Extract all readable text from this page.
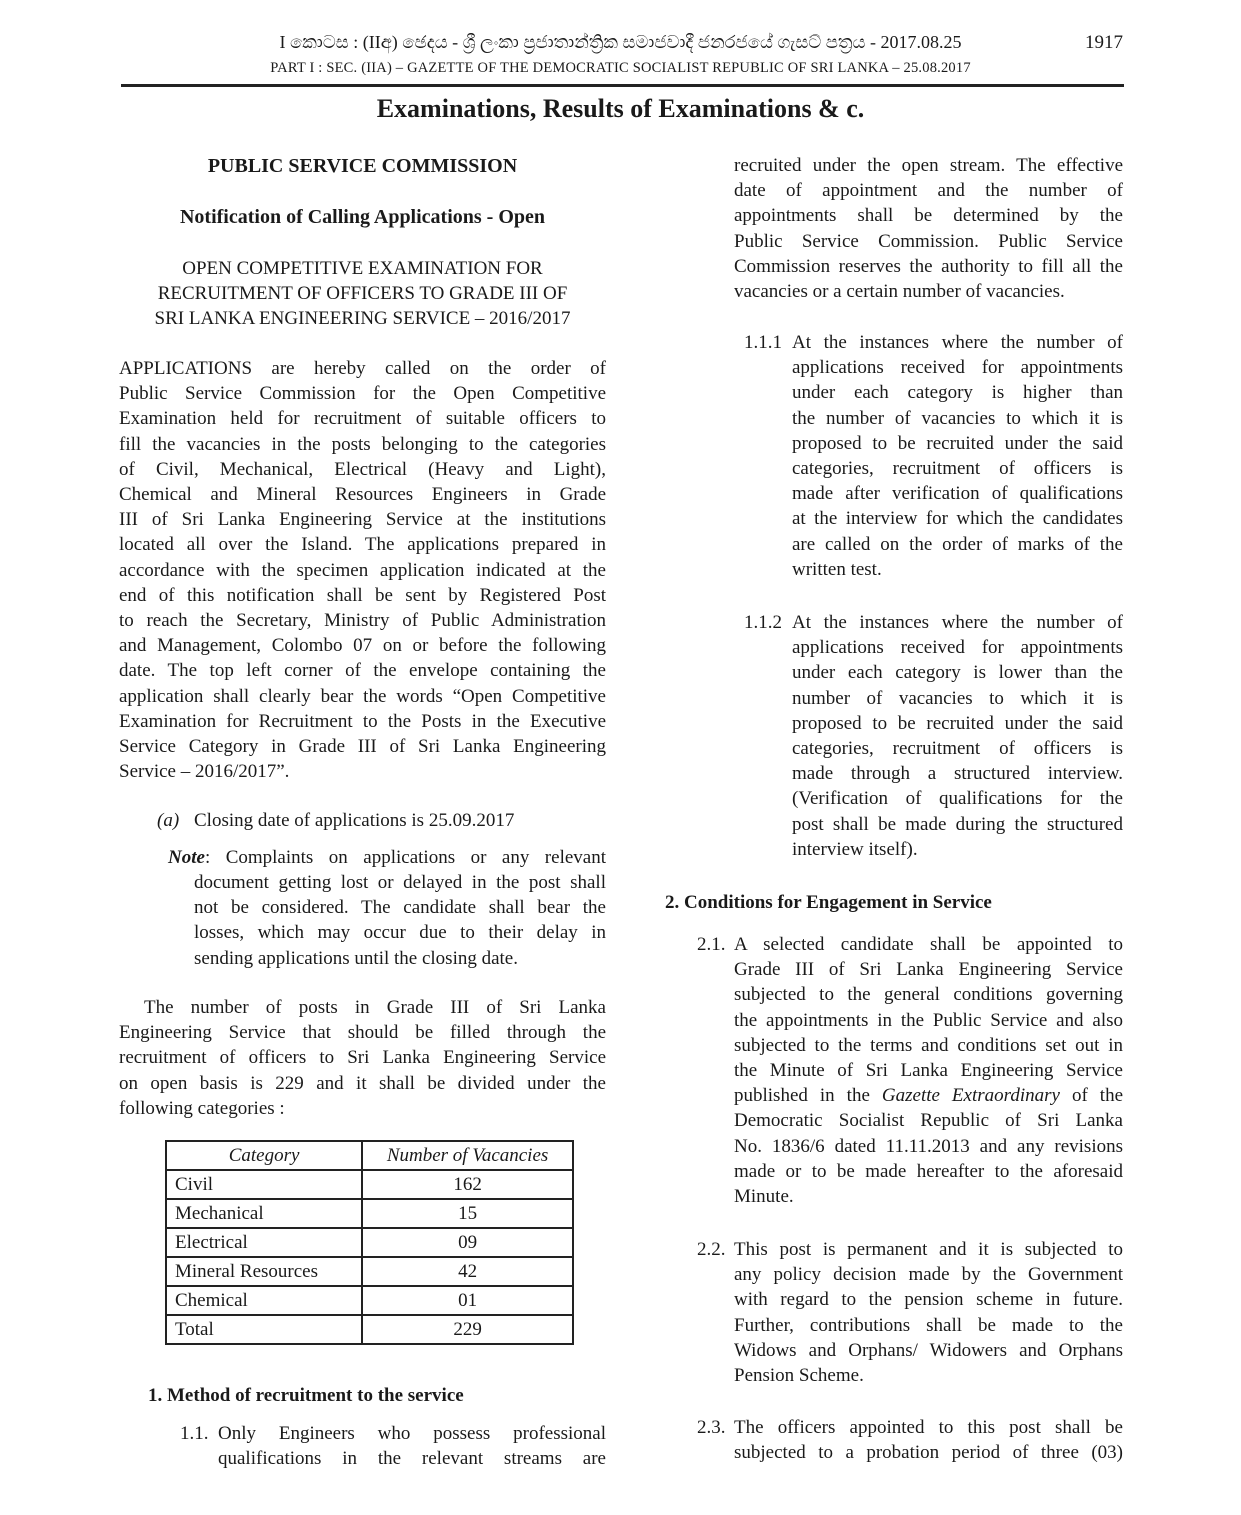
I කොටස : (IIඅ) ඡෙදය - ශ්‍රී ලංකා ප්‍රජාතාන්ත්‍රික සමාජවාදී ජනරජයේ ගැසට් පත්‍රය - 2017.08.25	1917
PART I : SEC. (IIA) – GAZETTE OF THE DEMOCRATIC SOCIALIST REPUBLIC OF SRI LANKA – 25.08.2017
Examinations, Results of Examinations & c.
PUBLIC SERVICE COMMISSION
Notification of Calling Applications - Open
OPEN COMPETITIVE EXAMINATION FOR
RECRUITMENT OF OFFICERS TO GRADE III OF
SRI LANKA ENGINEERING SERVICE – 2016/2017
APPLICATIONS are hereby called on the order of
Public Service Commission for the Open Competitive
Examination held for recruitment of suitable officers to
fill the vacancies in the posts belonging to the categories
of Civil, Mechanical, Electrical (Heavy and Light),
Chemical and Mineral Resources Engineers in Grade
III of Sri Lanka Engineering Service at the institutions
located all over the Island. The applications prepared in
accordance with the specimen application indicated at the
end of this notification shall be sent by Registered Post
to reach the Secretary, Ministry of Public Administration
and Management, Colombo 07 on or before the following
date. The top left corner of the envelope containing the
application shall clearly bear the words “Open Competitive
Examination for Recruitment to the Posts in the Executive
Service Category in Grade III of Sri Lanka Engineering
Service – 2016/2017”.
(a) Closing date of applications is 25.09.2017
Note: Complaints on applications or any relevant
document getting lost or delayed in the post shall
not be considered. The candidate shall bear the
losses, which may occur due to their delay in
sending applications until the closing date.
The number of posts in Grade III of Sri Lanka
Engineering Service that should be filled through the
recruitment of officers to Sri Lanka Engineering Service
on open basis is 229 and it shall be divided under the
following categories :
Category	Number of Vacancies
Civil	162
Mechanical	15
Electrical	09
Mineral Resources	42
Chemical	01
Total	229
1. Method of recruitment to the service
1.1. Only Engineers who possess professional
qualifications in the relevant streams are
recruited under the open stream. The effective
date of appointment and the number of
appointments shall be determined by the
Public Service Commission. Public Service
Commission reserves the authority to fill all the
vacancies or a certain number of vacancies.
1.1.1 At the instances where the number of
applications received for appointments
under each category is higher than
the number of vacancies to which it is
proposed to be recruited under the said
categories, recruitment of officers is
made after verification of qualifications
at the interview for which the candidates
are called on the order of marks of the
written test.
1.1.2 At the instances where the number of
applications received for appointments
under each category is lower than the
number of vacancies to which it is
proposed to be recruited under the said
categories, recruitment of officers is
made through a structured interview.
(Verification of qualifications for the
post shall be made during the structured
interview itself).
2. Conditions for Engagement in Service
2.1. A selected candidate shall be appointed to
Grade III of Sri Lanka Engineering Service
subjected to the general conditions governing
the appointments in the Public Service and also
subjected to the terms and conditions set out in
the Minute of Sri Lanka Engineering Service
published in the Gazette Extraordinary of the
Democratic Socialist Republic of Sri Lanka
No. 1836/6 dated 11.11.2013 and any revisions
made or to be made hereafter to the aforesaid
Minute.
2.2. This post is permanent and it is subjected to
any policy decision made by the Government
with regard to the pension scheme in future.
Further, contributions shall be made to the
Widows and Orphans/ Widowers and Orphans
Pension Scheme.
2.3. The officers appointed to this post shall be
subjected to a probation period of three (03)
